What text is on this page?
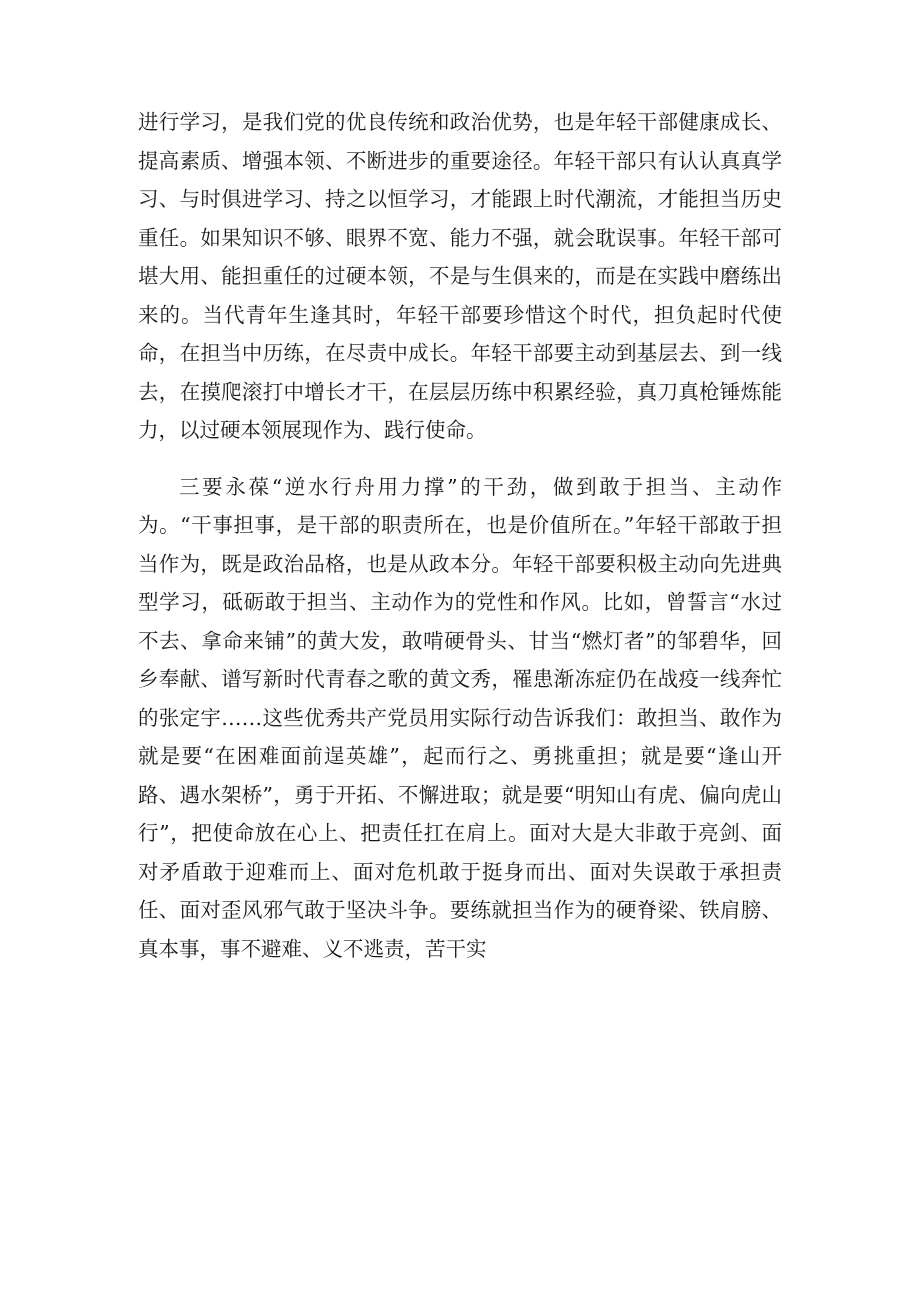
进行学习，是我们党的优良传统和政治优势，也是年轻干部健康成长、提高素质、增强本领、不断进步的重要途径。年轻干部只有认认真真学习、与时俱进学习、持之以恒学习，才能跟上时代潮流，才能担当历史重任。如果知识不够、眼界不宽、能力不强，就会耽误事。年轻干部可堪大用、能担重任的过硬本领，不是与生俱来的，而是在实践中磨练出来的。当代青年生逢其时，年轻干部要珍惜这个时代，担负起时代使命，在担当中历练，在尽责中成长。年轻干部要主动到基层去、到一线去，在摸爬滚打中增长才干，在层层历练中积累经验，真刀真枪锤炼能力，以过硬本领展现作为、践行使命。

三要永葆“逆水行舟用力撑”的干劲，做到敢于担当、主动作为。“干事担事，是干部的职责所在，也是价值所在。”年轻干部敢于担当作为，既是政治品格，也是从政本分。年轻干部要积极主动向先进典型学习，砥砺敢于担当、主动作为的党性和作风。比如，曾誓言“水过不去、拿命来铺”的黄大发，敢啃硬骨头、甘当“燃灯者”的邹碧华，回乡奉献、谱写新时代青春之歌的黄文秀，罹患渐冻症仍在战疫一线奔忙的张定宇……这些优秀共产党员用实际行动告诉我们：敢担当、敢作为就是要“在困难面前逞英雄”，起而行之、勇挑重担；就是要“逢山开路、遇水架桥”，勇于开拓、不懈进取；就是要“明知山有虎、偏向虎山行”，把使命放在心上、把责任扛在肩上。面对大是大非敢于亮剑、面对矛盾敢于迎难而上、面对危机敢于挺身而出、面对失误敢于承担责任、面对歪风邪气敢于坚决斗争。要练就担当作为的硬脊梁、铁肩膀、真本事，事不避难、义不逃责，苦干实
